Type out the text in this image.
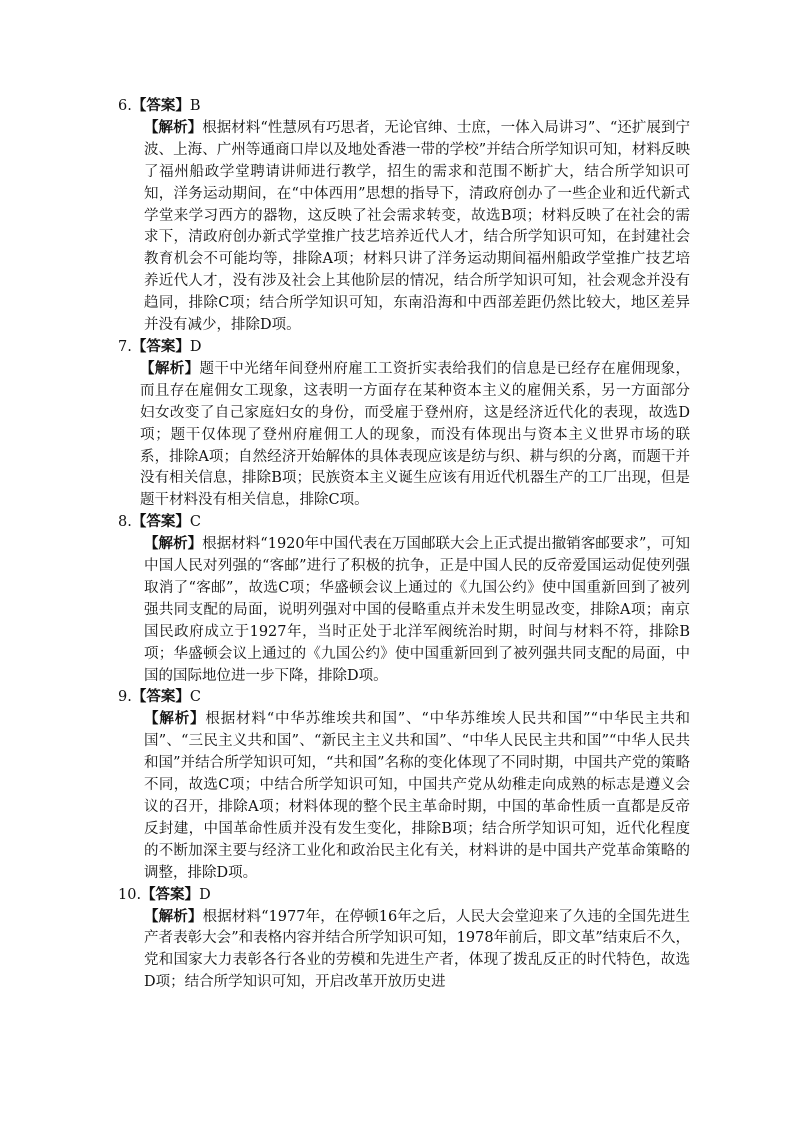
6.【答案】B
【解析】根据材料“性慧夙有巧思者，无论官绅、士庶，一体入局讲习”、“还扩展到宁波、上海、广州等通商口岸以及地处香港一带的学校”并结合所学知识可知，材料反映了福州船政学堂聘请讲师进行教学，招生的需求和范围不断扩大，结合所学知识可知，洋务运动期间，在“中体西用”思想的指导下，清政府创办了一些企业和近代新式学堂来学习西方的器物，这反映了社会需求转变，故选B项；材料反映了在社会的需求下，清政府创办新式学堂推广技艺培养近代人才，结合所学知识可知，在封建社会教育机会不可能均等，排除A项；材料只讲了洋务运动期间福州船政学堂推广技艺培养近代人才，没有涉及社会上其他阶层的情况，结合所学知识可知，社会观念并没有趋同，排除C项；结合所学知识可知，东南沿海和中西部差距仍然比较大，地区差异并没有减少，排除D项。
7.【答案】D
【解析】题干中光绪年间登州府雇工工资折实表给我们的信息是已经存在雇佣现象，而且存在雇佣女工现象，这表明一方面存在某种资本主义的雇佣关系，另一方面部分妇女改变了自己家庭妇女的身份，而受雇于登州府，这是经济近代化的表现，故选D项；题干仅体现了登州府雇佣工人的现象，而没有体现出与资本主义世界市场的联系，排除A项；自然经济开始解体的具体表现应该是纺与织、耕与织的分离，而题干并没有相关信息，排除B项；民族资本主义诞生应该有用近代机器生产的工厂出现，但是题干材料没有相关信息，排除C项。
8.【答案】C
【解析】根据材料“1920年中国代表在万国邮联大会上正式提出撤销客邮要求”，可知中国人民对列强的“客邮”进行了积极的抗争，正是中国人民的反帝爱国运动促使列强取消了“客邮”，故选C项；华盛顿会议上通过的《九国公约》使中国重新回到了被列强共同支配的局面，说明列强对中国的侵略重点并未发生明显改变，排除A项；南京国民政府成立于1927年，当时正处于北洋军阀统治时期，时间与材料不符，排除B项；华盛顿会议上通过的《九国公约》使中国重新回到了被列强共同支配的局面，中国的国际地位进一步下降，排除D项。
9.【答案】C
【解析】根据材料“中华苏维埃共和国”、“中华苏维埃人民共和国”“中华民主共和国”、“三民主义共和国”、“新民主主义共和国”、“中华人民民主共和国”“中华人民共和国”并结合所学知识可知，“共和国”名称的变化体现了不同时期，中国共产党的策略不同，故选C项；中结合所学知识可知，中国共产党从幼稚走向成熟的标志是遵义会议的召开，排除A项；材料体现的整个民主革命时期，中国的革命性质一直都是反帝反封建，中国革命性质并没有发生变化，排除B项；结合所学知识可知，近代化程度的不断加深主要与经济工业化和政治民主化有关，材料讲的是中国共产党革命策略的调整，排除D项。
10.【答案】D
【解析】根据材料“1977年，在停顿16年之后，人民大会堂迎来了久违的全国先进生产者表彰大会”和表格内容并结合所学知识可知，1978年前后，即文革”结束后不久，党和国家大力表彰各行各业的劳模和先进生产者，体现了拨乱反正的时代特色，故选D项；结合所学知识可知，开启改革开放历史进
